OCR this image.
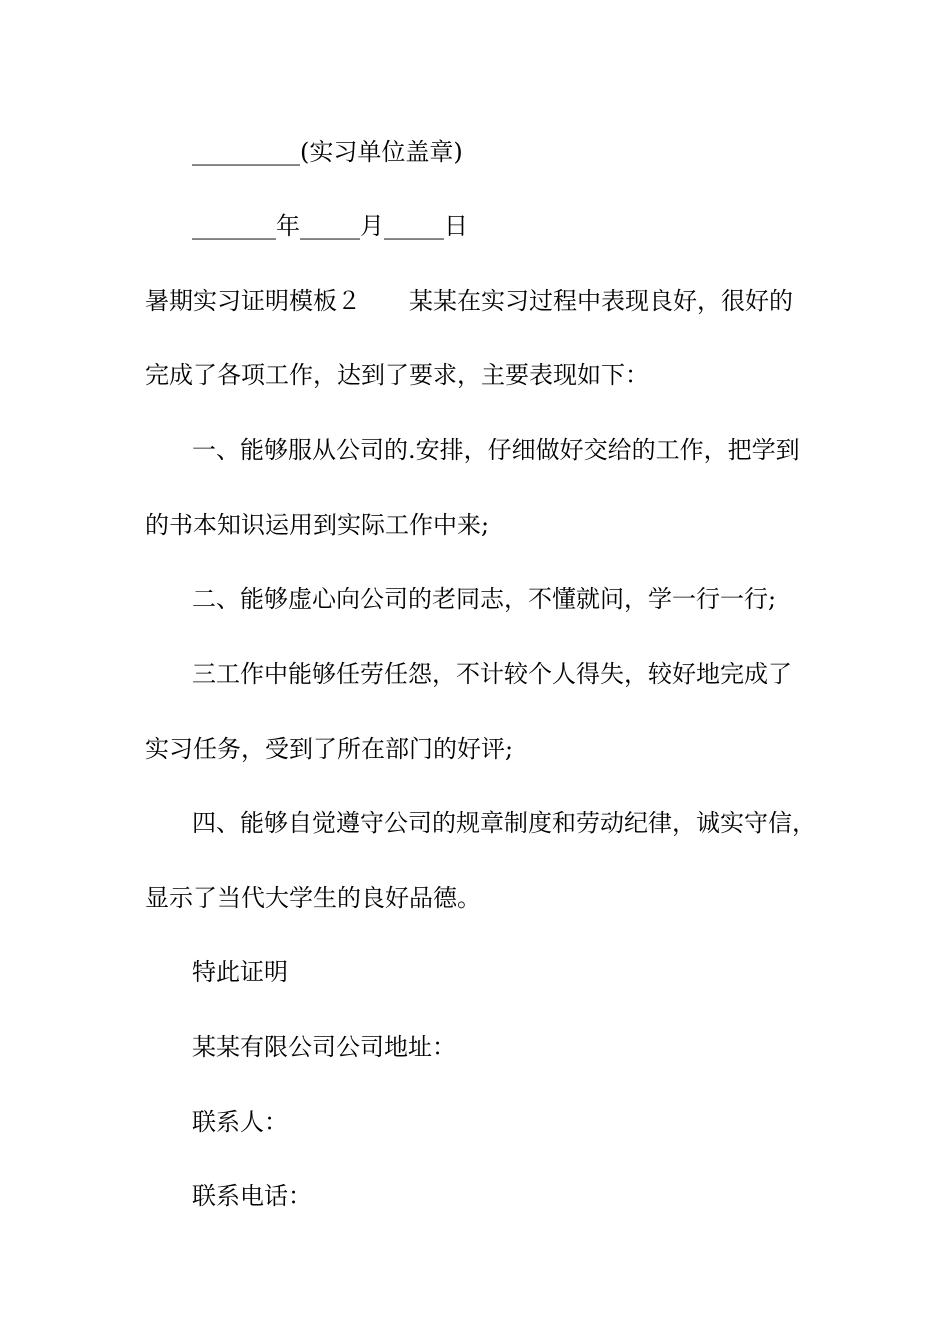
_________(实习单位盖章)
_______年_____月_____日
暑期实习证明模板２　　某某在实习过程中表现良好，很好的
完成了各项工作，达到了要求，主要表现如下：
一、能够服从公司的.安排，仔细做好交给的工作，把学到
的书本知识运用到实际工作中来;
二、能够虚心向公司的老同志，不懂就问，学一行一行;
三工作中能够任劳任怨，不计较个人得失，较好地完成了
实习任务，受到了所在部门的好评;
四、能够自觉遵守公司的规章制度和劳动纪律，诚实守信，
显示了当代大学生的良好品德。
特此证明
某某有限公司公司地址：
联系人：
联系电话：
